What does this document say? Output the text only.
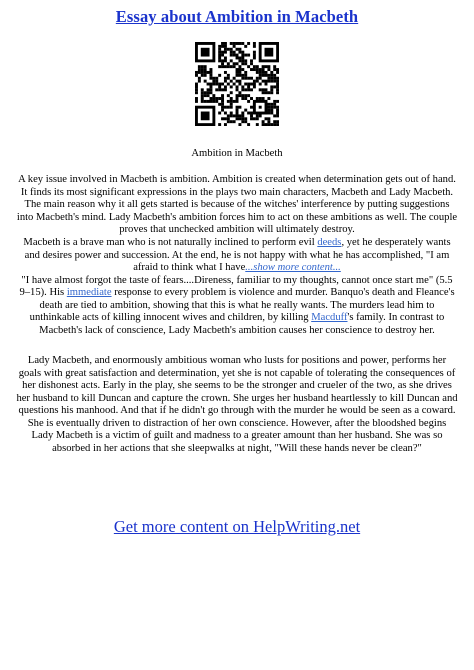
Essay about Ambition in Macbeth
Ambition in Macbeth
A key issue involved in Macbeth is ambition. Ambition is created when determination gets out of hand. It finds its most significant expressions in the plays two main characters, Macbeth and Lady Macbeth. The main reason why it all gets started is because of the witches' interference by putting suggestions into Macbeth's mind. Lady Macbeth's ambition forces him to act on these ambitions as well. The couple proves that unchecked ambition will ultimately destroy.
Macbeth is a brave man who is not naturally inclined to perform evil deeds, yet he desperately wants and desires power and succession. At the end, he is not happy with what he has accomplished, "I am afraid to think what I have...show more content...
"I have almost forgot the taste of fears....Direness, familiar to my thoughts, cannot once start me" (5.5 9–15). His immediate response to every problem is violence and murder. Banquo's death and Fleance's death are tied to ambition, showing that this is what he really wants. The murders lead him to unthinkable acts of killing innocent wives and children, by killing Macduff's family. In contrast to Macbeth's lack of conscience, Lady Macbeth's ambition causes her conscience to destroy her.
Lady Macbeth, and enormously ambitious woman who lusts for positions and power, performs her goals with great satisfaction and determination, yet she is not capable of tolerating the consequences of her dishonest acts. Early in the play, she seems to be the stronger and crueler of the two, as she drives her husband to kill Duncan and capture the crown. She urges her husband heartlessly to kill Duncan and questions his manhood. And that if he didn't go through with the murder he would be seen as a coward. She is eventually driven to distraction of her own conscience. However, after the bloodshed begins Lady Macbeth is a victim of guilt and madness to a greater amount than her husband. She was so absorbed in her actions that she sleepwalks at night, "Will these hands never be clean?"
Get more content on HelpWriting.net
